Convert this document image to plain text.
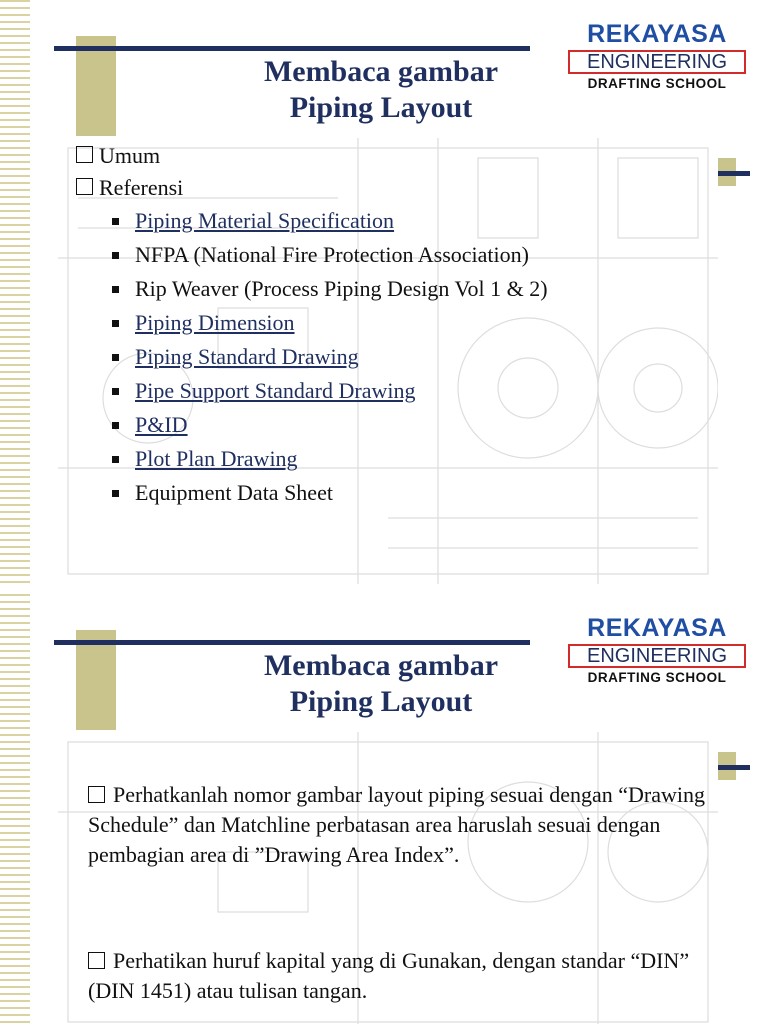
Membaca gambar
Piping Layout
REKAYASA
ENGINEERING
DRAFTING SCHOOL
Umum
Referensi
Piping Material Specification
NFPA (National Fire Protection Association)
Rip Weaver (Process Piping Design Vol 1 & 2)
Piping Dimension
Piping Standard Drawing
Pipe Support Standard Drawing
P&ID
Plot Plan Drawing
Equipment Data Sheet
Membaca gambar
Piping Layout
REKAYASA
ENGINEERING
DRAFTING SCHOOL
Perhatkanlah nomor gambar layout piping sesuai dengan “Drawing Schedule” dan Matchline perbatasan area haruslah sesuai dengan pembagian area di ”Drawing Area Index”.
Perhatikan huruf kapital yang di Gunakan, dengan standar “DIN” (DIN 1451) atau tulisan tangan.
